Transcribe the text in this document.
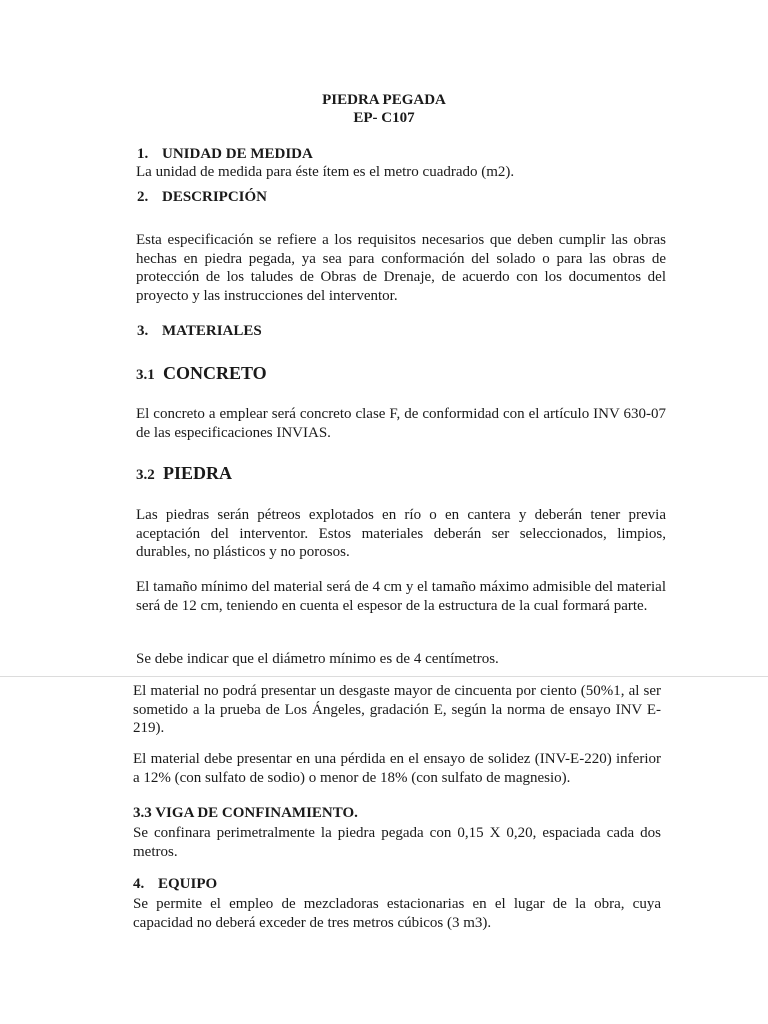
PIEDRA PEGADA
EP- C107
1. UNIDAD DE MEDIDA
La unidad de medida para éste ítem es el metro cuadrado (m2).
2. DESCRIPCIÓN
Esta especificación se refiere a los requisitos necesarios que deben cumplir las obras hechas en piedra pegada, ya sea para conformación del solado o para las obras de protección de los taludes de Obras de Drenaje, de acuerdo con los documentos del proyecto y las instrucciones del interventor.
3. MATERIALES
3.1 CONCRETO
El concreto a emplear será concreto clase F, de conformidad con el artículo INV 630-07 de las especificaciones INVIAS.
3.2 PIEDRA
Las piedras serán pétreos explotados en río o en cantera y deberán tener previa aceptación del interventor. Estos materiales deberán ser seleccionados, limpios, durables, no plásticos y no porosos.
El tamaño mínimo del material será de 4 cm y el tamaño máximo admisible del material será de 12 cm, teniendo en cuenta el espesor de la estructura de la cual formará parte.
Se debe indicar que el diámetro mínimo es de 4 centímetros.
El material no podrá presentar un desgaste mayor de cincuenta por ciento (50%1, al ser sometido a la prueba de Los Ángeles, gradación E, según la norma de ensayo INV E-219).
El material debe presentar en una pérdida en el ensayo de solidez (INV-E-220) inferior a 12% (con sulfato de sodio) o menor de 18% (con sulfato de magnesio).
3.3 VIGA DE CONFINAMIENTO.
Se confinara perimetralmente la piedra pegada con 0,15 X 0,20, espaciada cada dos metros.
4. EQUIPO
Se permite el empleo de mezcladoras estacionarias en el lugar de la obra, cuya capacidad no deberá exceder de tres metros cúbicos (3 m3).
